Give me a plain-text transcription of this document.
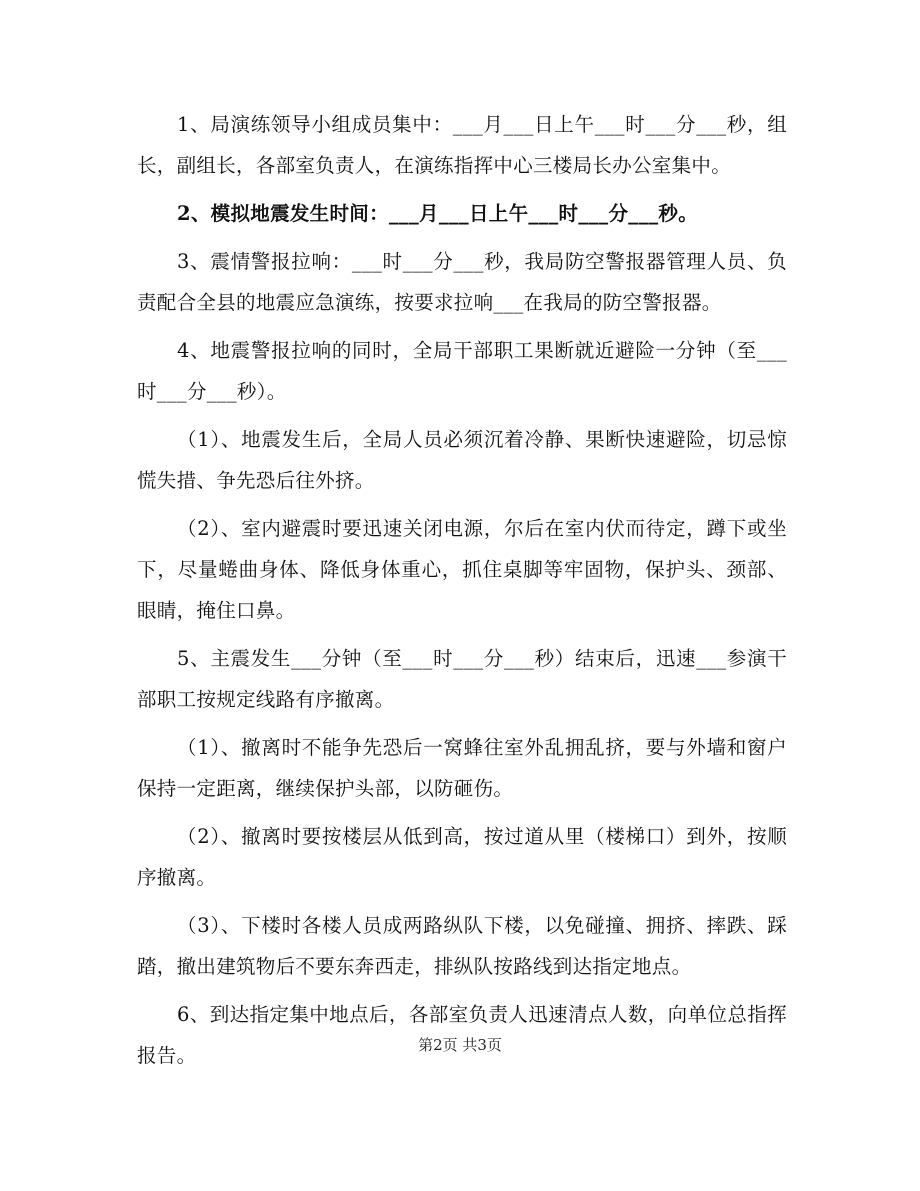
1、局演练领导小组成员集中：___月___日上午___时___分___秒，组长，副组长，各部室负责人，在演练指挥中心三楼局长办公室集中。

2、模拟地震发生时间：___月___日上午___时___分___秒。

3、震情警报拉响：___时___分___秒，我局防空警报器管理人员、负责配合全县的地震应急演练，按要求拉响___在我局的防空警报器。

4、地震警报拉响的同时，全局干部职工果断就近避险一分钟（至___时___分___秒）。

（1）、地震发生后，全局人员必须沉着冷静、果断快速避险，切忌惊慌失措、争先恐后往外挤。

（2）、室内避震时要迅速关闭电源，尔后在室内伏而待定，蹲下或坐下，尽量蜷曲身体、降低身体重心，抓住桌脚等牢固物，保护头、颈部、眼睛，掩住口鼻。

5、主震发生___分钟（至___时___分___秒）结束后，迅速___参演干部职工按规定线路有序撤离。

（1）、撤离时不能争先恐后一窝蜂往室外乱拥乱挤，要与外墙和窗户保持一定距离，继续保护头部，以防砸伤。

（2）、撤离时要按楼层从低到高，按过道从里（楼梯口）到外，按顺序撤离。

（3）、下楼时各楼人员成两路纵队下楼，以免碰撞、拥挤、摔跌、踩踏，撤出建筑物后不要东奔西走，排纵队按路线到达指定地点。

6、到达指定集中地点后，各部室负责人迅速清点人数，向单位总指挥报告。	第2页 共3页
